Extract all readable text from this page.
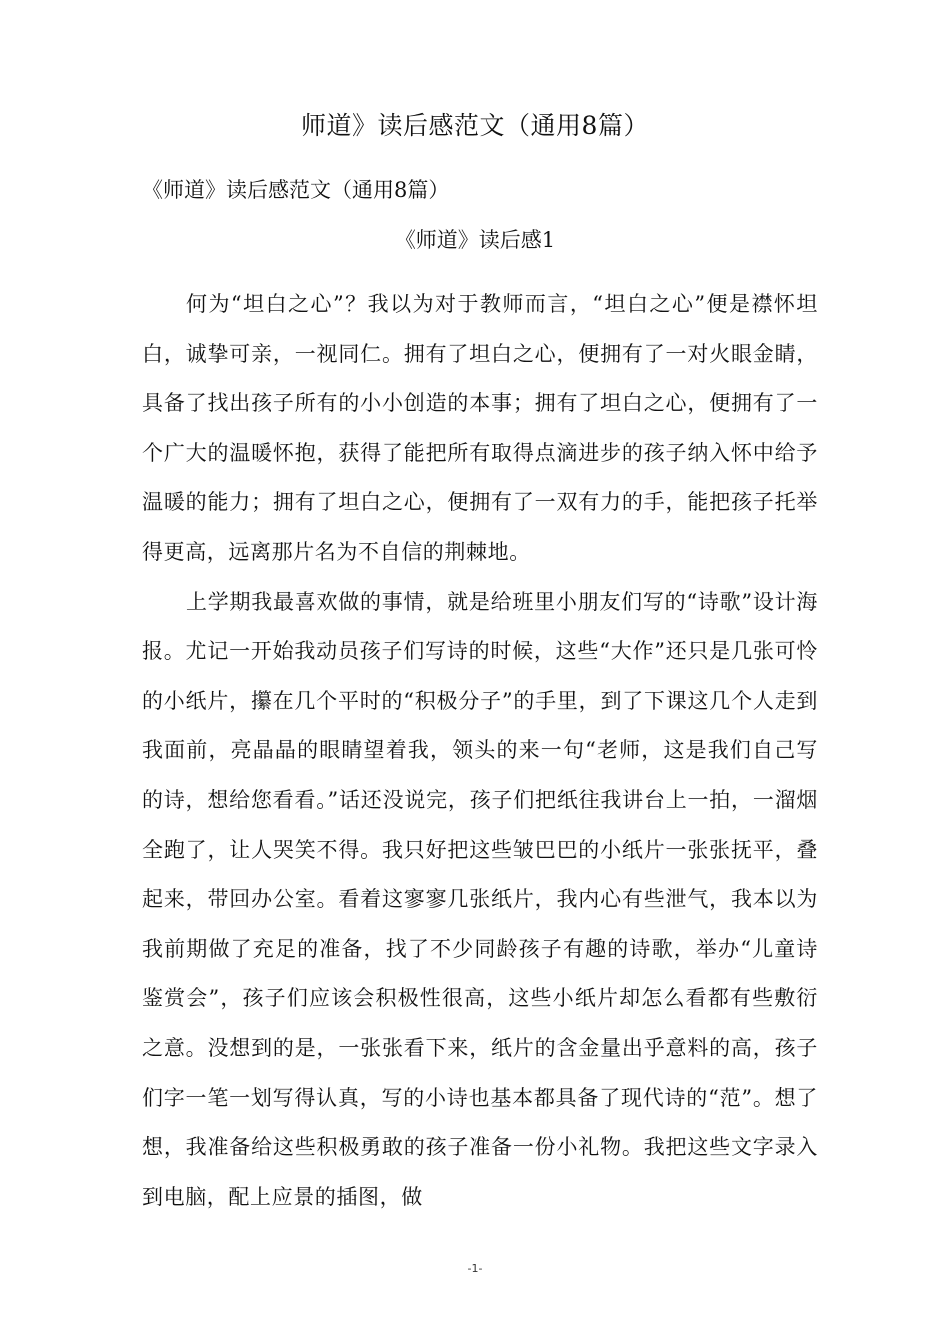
师道》读后感范文（通用8篇）
《师道》读后感范文（通用8篇）
《师道》读后感1

何为“坦白之心”？我以为对于教师而言，“坦白之心”便是襟怀坦白，诚挚可亲，一视同仁。拥有了坦白之心，便拥有了一对火眼金睛，具备了找出孩子所有的小小创造的本事；拥有了坦白之心，便拥有了一个广大的温暖怀抱，获得了能把所有取得点滴进步的孩子纳入怀中给予温暖的能力；拥有了坦白之心，便拥有了一双有力的手，能把孩子托举得更高，远离那片名为不自信的荆棘地。

上学期我最喜欢做的事情，就是给班里小朋友们写的“诗歌”设计海报。尤记一开始我动员孩子们写诗的时候，这些“大作”还只是几张可怜的小纸片，攥在几个平时的“积极分子”的手里，到了下课这几个人走到我面前，亮晶晶的眼睛望着我，领头的来一句“老师，这是我们自己写的诗，想给您看看。”话还没说完，孩子们把纸往我讲台上一拍，一溜烟全跑了，让人哭笑不得。我只好把这些皱巴巴的小纸片一张张抚平，叠起来，带回办公室。看着这寥寥几张纸片，我内心有些泄气，我本以为我前期做了充足的准备，找了不少同龄孩子有趣的诗歌，举办“儿童诗鉴赏会”，孩子们应该会积极性很高，这些小纸片却怎么看都有些敷衍之意。没想到的是，一张张看下来，纸片的含金量出乎意料的高，孩子们字一笔一划写得认真，写的小诗也基本都具备了现代诗的“范”。想了想，我准备给这些积极勇敢的孩子准备一份小礼物。我把这些文字录入到电脑，配上应景的插图，做

-1-
